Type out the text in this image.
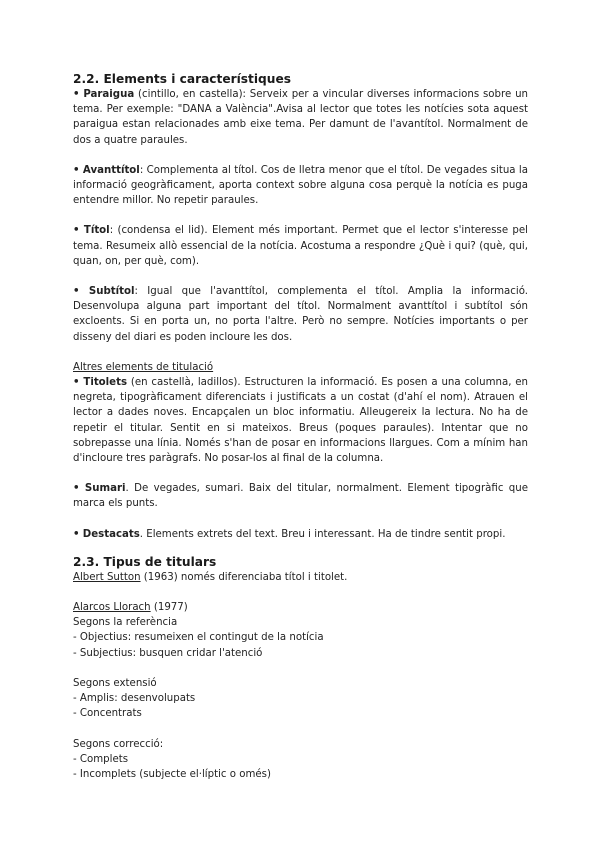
2.2. Elements i característiques

• Paraigua (cintillo, en castella): Serveix per a vincular diverses informacions sobre un tema. Per exemple: "DANA a València".Avisa al lector que totes les notícies sota aquest paraigua estan relacionades amb eixe tema. Per damunt de l'avantítol. Normalment de dos a quatre paraules.

• Avanttítol: Complementa al títol. Cos de lletra menor que el títol. De vegades situa la informació geogràficament, aporta context sobre alguna cosa perquè la notícia es puga entendre millor. No repetir paraules.

• Títol: (condensa el lid). Element més important. Permet que el lector s'interesse pel tema. Resumeix allò essencial de la notícia. Acostuma a respondre ¿Què i qui? (què, qui, quan, on, per què, com).

• Subtítol: Igual que l'avanttítol, complementa el títol. Amplia la informació. Desenvolupa alguna part important del títol. Normalment avanttítol i subtítol són excloents. Si en porta un, no porta l'altre. Però no sempre. Notícies importants o per disseny del diari es poden incloure les dos.

Altres elements de titulació

• Titolets (en castellà, ladillos). Estructuren la informació. Es posen a una columna, en negreta, tipogràficament diferenciats i justificats a un costat (d'ahí el nom). Atrauen el lector a dades noves. Encapçalen un bloc informatiu. Alleugereix la lectura. No ha de repetir el titular. Sentit en si mateixos. Breus (poques paraules). Intentar que no sobrepasse una línia. Només s'han de posar en informacions llargues. Com a mínim han d'incloure tres paràgrafs. No posar-los al final de la columna.

• Sumari. De vegades, sumari. Baix del titular, normalment. Element tipogràfic que marca els punts.

• Destacats. Elements extrets del text. Breu i interessant. Ha de tindre sentit propi.

2.3. Tipus de titulars

Albert Sutton (1963) només diferenciaba títol i titolet.

Alarcos Llorach (1977)

Segons la referència

- Objectius: resumeixen el contingut de la notícia

- Subjectius: busquen cridar l'atenció

Segons extensió

- Amplis: desenvolupats

- Concentrats

Segons correcció:

- Complets

- Incomplets (subjecte el·líptic o omés)
